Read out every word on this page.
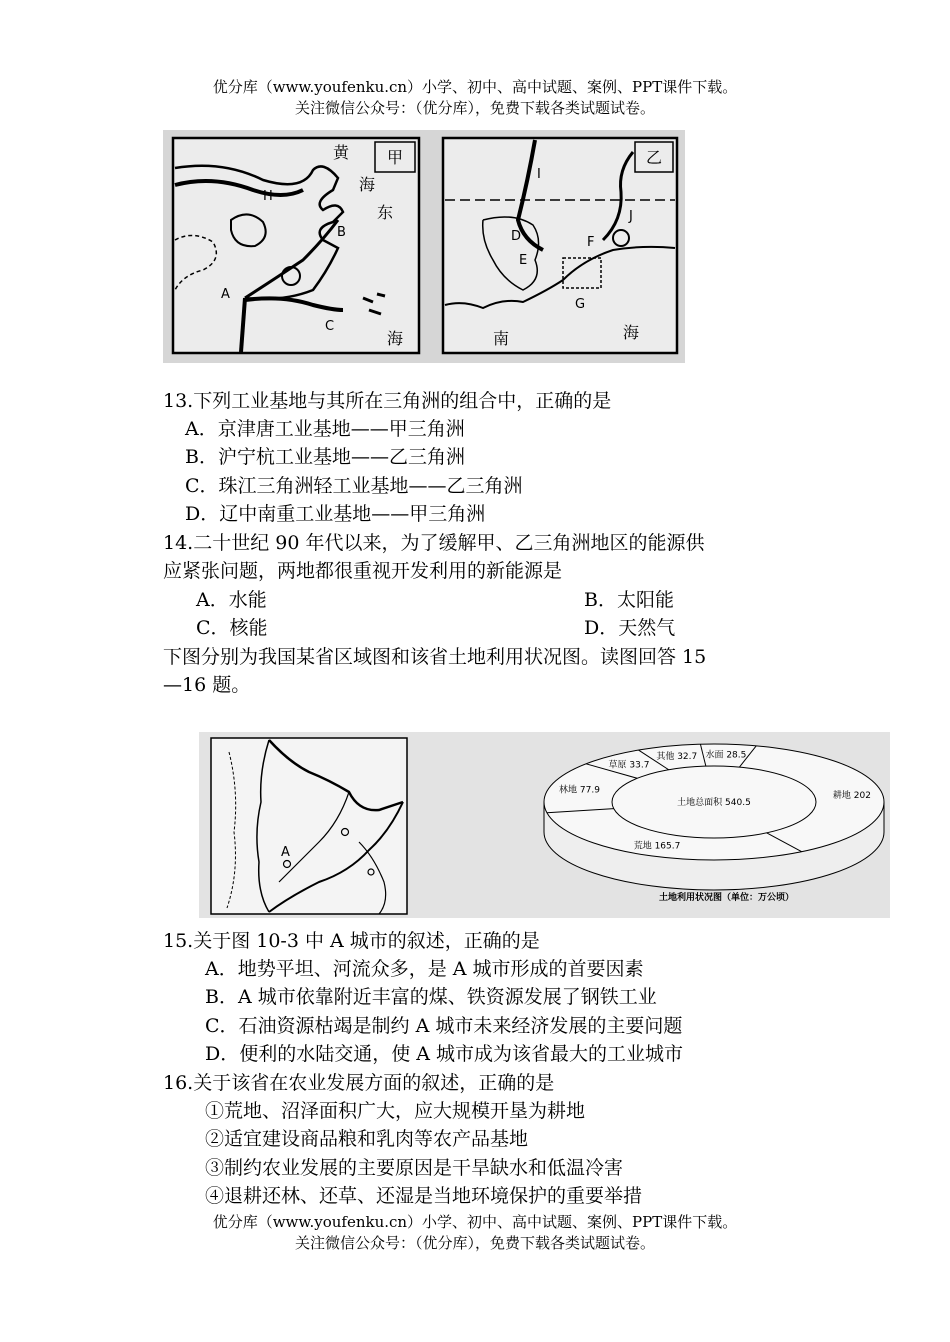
优分库（www.youfenku.cn）小学、初中、高中试题、案例、PPT课件下载。
关注微信公众号：（优分库），免费下载各类试题试卷。
甲
黄
海
东
海
H
B
A
C
乙
I
J
D	F
E
G
南	海
13.下列工业基地与其所在三角洲的组合中，正确的是
A．京津唐工业基地——甲三角洲
B．沪宁杭工业基地——乙三角洲
C．珠江三角洲轻工业基地——乙三角洲
D．辽中南重工业基地——甲三角洲
14.二十世纪 90 年代以来，为了缓解甲、乙三角洲地区的能源供
应紧张问题，两地都很重视开发利用的新能源是
A．水能	B．太阳能
C．核能	D．天然气
下图分别为我国某省区域图和该省土地利用状况图。读图回答 15
—16 题。
A
土地总面积 540.5
耕地 202
荒地 165.7
林地 77.9
草原 33.7
其他 32.7 水面 28.5
土地利用状况图（单位：万公顷）
15.关于图 10-3 中 A 城市的叙述，正确的是
A．地势平坦、河流众多，是 A 城市形成的首要因素
B．A 城市依靠附近丰富的煤、铁资源发展了钢铁工业
C．石油资源枯竭是制约 A 城市未来经济发展的主要问题
D．便利的水陆交通，使 A 城市成为该省最大的工业城市
16.关于该省在农业发展方面的叙述，正确的是
①荒地、沼泽面积广大，应大规模开垦为耕地
②适宜建设商品粮和乳肉等农产品基地
③制约农业发展的主要原因是干旱缺水和低温冷害
④退耕还林、还草、还湿是当地环境保护的重要举措
优分库（www.youfenku.cn）小学、初中、高中试题、案例、PPT课件下载。
关注微信公众号：（优分库），免费下载各类试题试卷。
